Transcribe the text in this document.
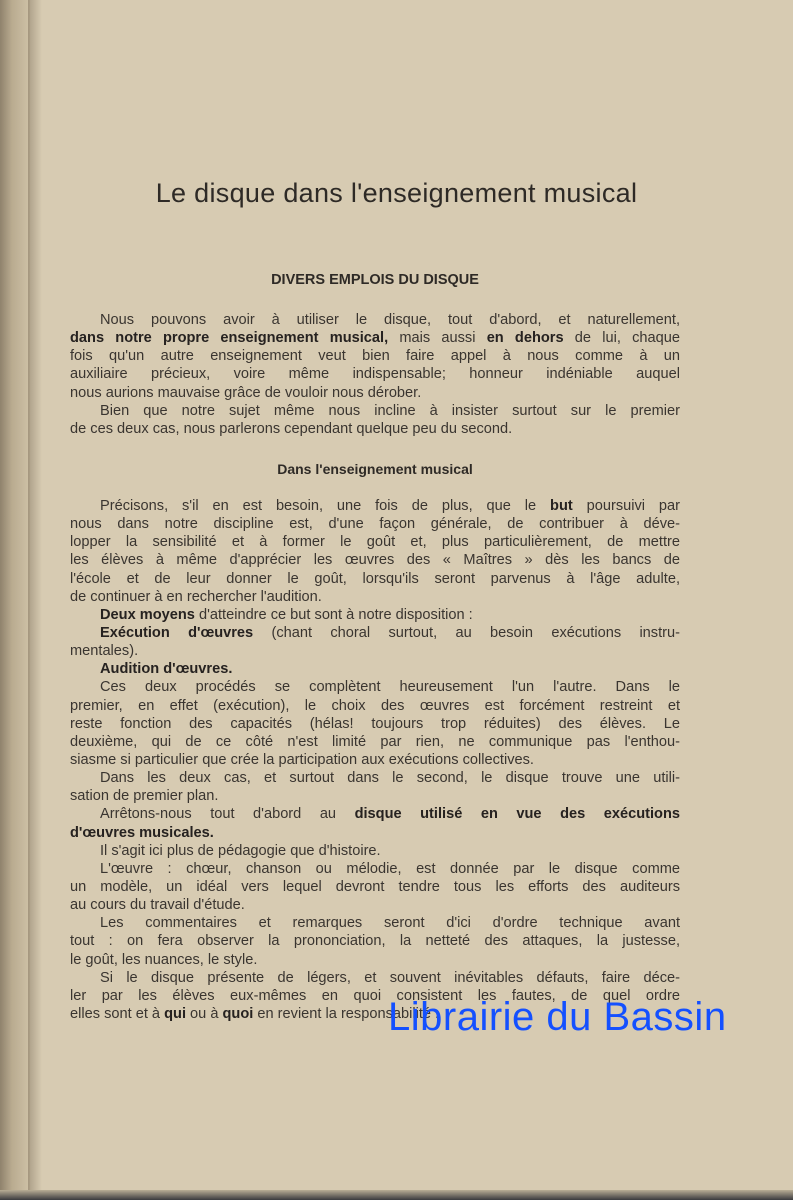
Le disque dans l'enseignement musical
DIVERS EMPLOIS DU DISQUE
Nous pouvons avoir à utiliser le disque, tout d'abord, et naturellement,
dans notre propre enseignement musical, mais aussi en dehors de lui, chaque
fois qu'un autre enseignement veut bien faire appel à nous comme à un
auxiliaire précieux, voire même indispensable; honneur indéniable auquel
nous aurions mauvaise grâce de vouloir nous dérober.
Bien que notre sujet même nous incline à insister surtout sur le premier
de ces deux cas, nous parlerons cependant quelque peu du second.
Dans l'enseignement musical
Précisons, s'il en est besoin, une fois de plus, que le but poursuivi par
nous dans notre discipline est, d'une façon générale, de contribuer à déve-
lopper la sensibilité et à former le goût et, plus particulièrement, de mettre
les élèves à même d'apprécier les œuvres des « Maîtres » dès les bancs de
l'école et de leur donner le goût, lorsqu'ils seront parvenus à l'âge adulte,
de continuer à en rechercher l'audition.
Deux moyens d'atteindre ce but sont à notre disposition :
Exécution d'œuvres (chant choral surtout, au besoin exécutions instru-
mentales).
Audition d'œuvres.
Ces deux procédés se complètent heureusement l'un l'autre. Dans le
premier, en effet (exécution), le choix des œuvres est forcément restreint et
reste fonction des capacités (hélas! toujours trop réduites) des élèves. Le
deuxième, qui de ce côté n'est limité par rien, ne communique pas l'enthou-
siasme si particulier que crée la participation aux exécutions collectives.
Dans les deux cas, et surtout dans le second, le disque trouve une utili-
sation de premier plan.
Arrêtons-nous tout d'abord au disque utilisé en vue des exécutions
d'œuvres musicales.
Il s'agit ici plus de pédagogie que d'histoire.
L'œuvre : chœur, chanson ou mélodie, est donnée par le disque comme
un modèle, un idéal vers lequel devront tendre tous les efforts des auditeurs
au cours du travail d'étude.
Les commentaires et remarques seront d'ici d'ordre technique avant
tout : on fera observer la prononciation, la netteté des attaques, la justesse,
le goût, les nuances, le style.
Si le disque présente de légers, et souvent inévitables défauts, faire déce-
ler par les élèves eux-mêmes en quoi consistent les fautes, de quel ordre
elles sont et à qui ou à quoi en revient la responsabilité :
Librairie du Bassin
